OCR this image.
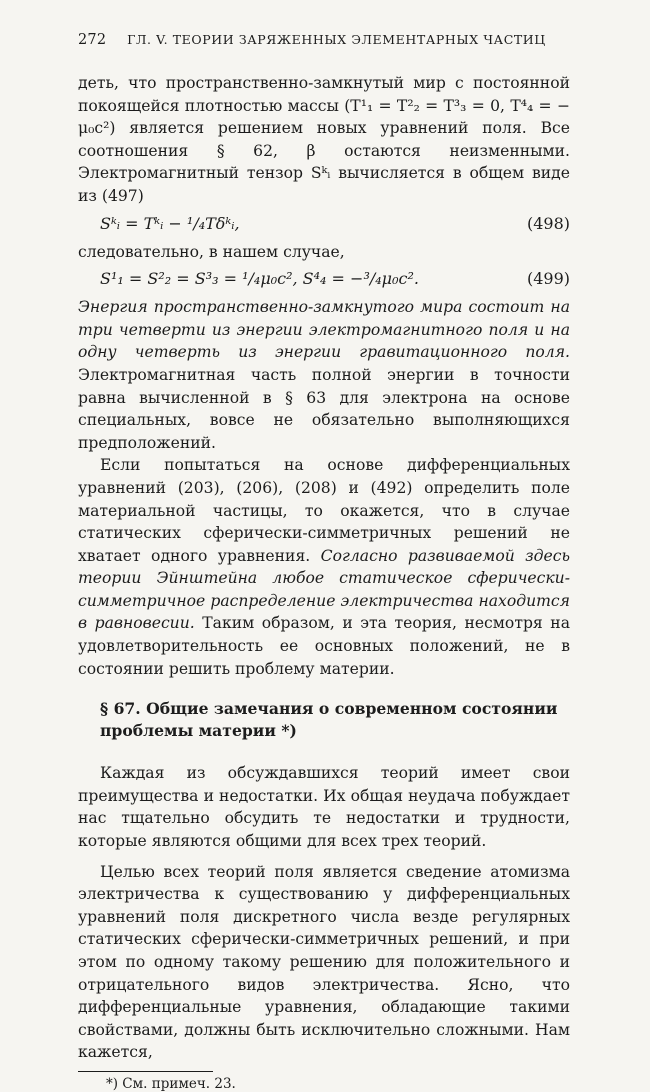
272 ГЛ. V. ТЕОРИИ ЗАРЯЖЕННЫХ ЭЛЕМЕНТАРНЫХ ЧАСТИЦ

деть, что пространственно-замкнутый мир с постоянной покоящейся плотностью массы (T¹₁ = T²₂ = T³₃ = 0, T⁴₄ = − μ₀c²) является решением новых уравнений поля. Все соотношения § 62, β остаются неизменными. Электромагнитный тензор Sᵏᵢ вычисляется в общем виде из (497)

Sᵏᵢ = Tᵏᵢ − ¹/₄Tδᵏᵢ,	(498)

следовательно, в нашем случае,

S¹₁ = S²₂ = S³₃ = ¹/₄μ₀c², S⁴₄ = −³/₄μ₀c².	(499)

Энергия пространственно-замкнутого мира состоит на три четверти из энергии электромагнитного поля и на одну четверть из энергии гравитационного поля. Электромагнитная часть полной энергии в точности равна вычисленной в § 63 для электрона на основе специальных, вовсе не обязательно выполняющихся предположений.

Если попытаться на основе дифференциальных уравнений (203), (206), (208) и (492) определить поле материальной частицы, то окажется, что в случае статических сферически-симметричных решений не хватает одного уравнения. Согласно развиваемой здесь теории Эйнштейна любое статическое сферически-симметричное распределение электричества находится в равновесии. Таким образом, и эта теория, несмотря на удовлетворительность ее основных положений, не в состоянии решить проблему материи.

§ 67. Общие замечания о современном состоянии проблемы материи *)

Каждая из обсуждавшихся теорий имеет свои преимущества и недостатки. Их общая неудача побуждает нас тщательно обсудить те недостатки и трудности, которые являются общими для всех трех теорий.

Целью всех теорий поля является сведение атомизма электричества к существованию у дифференциальных уравнений поля дискретного числа везде регулярных статических сферически-симметричных решений, и при этом по одному такому решению для положительного и отрицательного видов электричества. Ясно, что дифференциальные уравнения, обладающие такими свойствами, должны быть исключительно сложными. Нам кажется,

*) См. примеч. 23.
